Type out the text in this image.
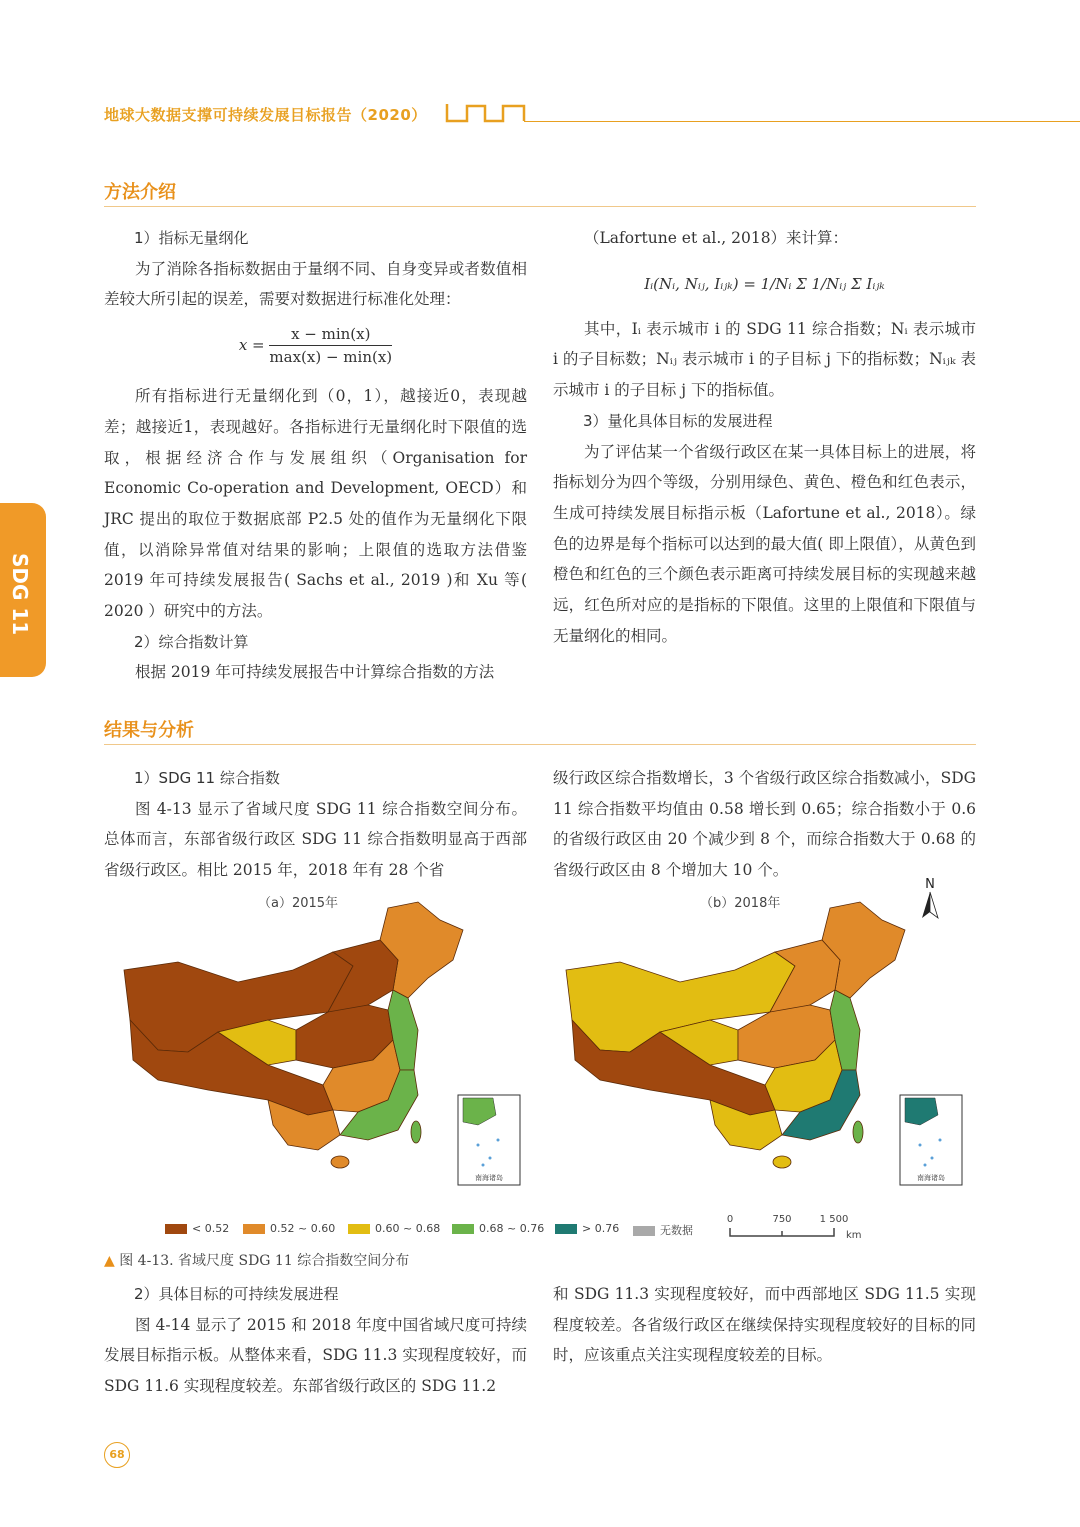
地球大数据支撑可持续发展目标报告（2020）
SDG 11
方法介绍

1）指标无量纲化

为了消除各指标数据由于量纲不同、自身变异或者数值相差较大所引起的误差，需要对数据进行标准化处理：

x =
x − min(x)
max(x) − min(x)

所有指标进行无量纲化到（0，1），越接近0，表现越差；越接近1，表现越好。各指标进行无量纲化时下限值的选取，根据经济合作与发展组织（Organisation for Economic Co-operation and Development, OECD）和 JRC 提出的取位于数据底部 P2.5 处的值作为无量纲化下限值，以消除异常值对结果的影响；上限值的选取方法借鉴 2019 年可持续发展报告( Sachs et al., 2019 )和 Xu 等( 2020 ）研究中的方法。

2）综合指数计算

根据 2019 年可持续发展报告中计算综合指数的方法

（Lafortune et al., 2018）来计算：

Iᵢ(Nᵢ, Nᵢⱼ, Iᵢⱼₖ) = 1/Nᵢ Σ 1/Nᵢⱼ Σ Iᵢⱼₖ

其中，Iᵢ 表示城市 i 的 SDG 11 综合指数；Nᵢ 表示城市 i 的子目标数；Nᵢⱼ 表示城市 i 的子目标 j 下的指标数；Nᵢⱼₖ 表示城市 i 的子目标 j 下的指标值。

3）量化具体目标的发展进程

为了评估某一个省级行政区在某一具体目标上的进展，将指标划分为四个等级，分别用绿色、黄色、橙色和红色表示，生成可持续发展目标指示板（Lafortune et al., 2018）。绿色的边界是每个指标可以达到的最大值( 即上限值），从黄色到橙色和红色的三个颜色表示距离可持续发展目标的实现越来越远，红色所对应的是指标的下限值。这里的上限值和下限值与无量纲化的相同。

结果与分析

1）SDG 11 综合指数

图 4-13 显示了省域尺度 SDG 11 综合指数空间分布。总体而言，东部省级行政区 SDG 11 综合指数明显高于西部省级行政区。相比 2015 年，2018 年有 28 个省

级行政区综合指数增长，3 个省级行政区综合指数减小，SDG 11 综合指数平均值由 0.58 增长到 0.65；综合指数小于 0.6 的省级行政区由 20 个减少到 8 个，而综合指数大于 0.68 的省级行政区由 8 个增加大 10 个。

（a）2015年	（b）2018年
南海诸岛	南海诸岛
N
< 0.52	0.52 ~ 0.60	0.60 ~ 0.68	0.68 ~ 0.76	> 0.76	无数据
0	750	1 500
km
▲ 图 4-13. 省域尺度 SDG 11 综合指数空间分布

2）具体目标的可持续发展进程

图 4-14 显示了 2015 和 2018 年度中国省域尺度可持续发展目标指示板。从整体来看，SDG 11.3 实现程度较好，而 SDG 11.6 实现程度较差。东部省级行政区的 SDG 11.2

和 SDG 11.3 实现程度较好，而中西部地区 SDG 11.5 实现程度较差。各省级行政区在继续保持实现程度较好的目标的同时，应该重点关注实现程度较差的目标。

68
